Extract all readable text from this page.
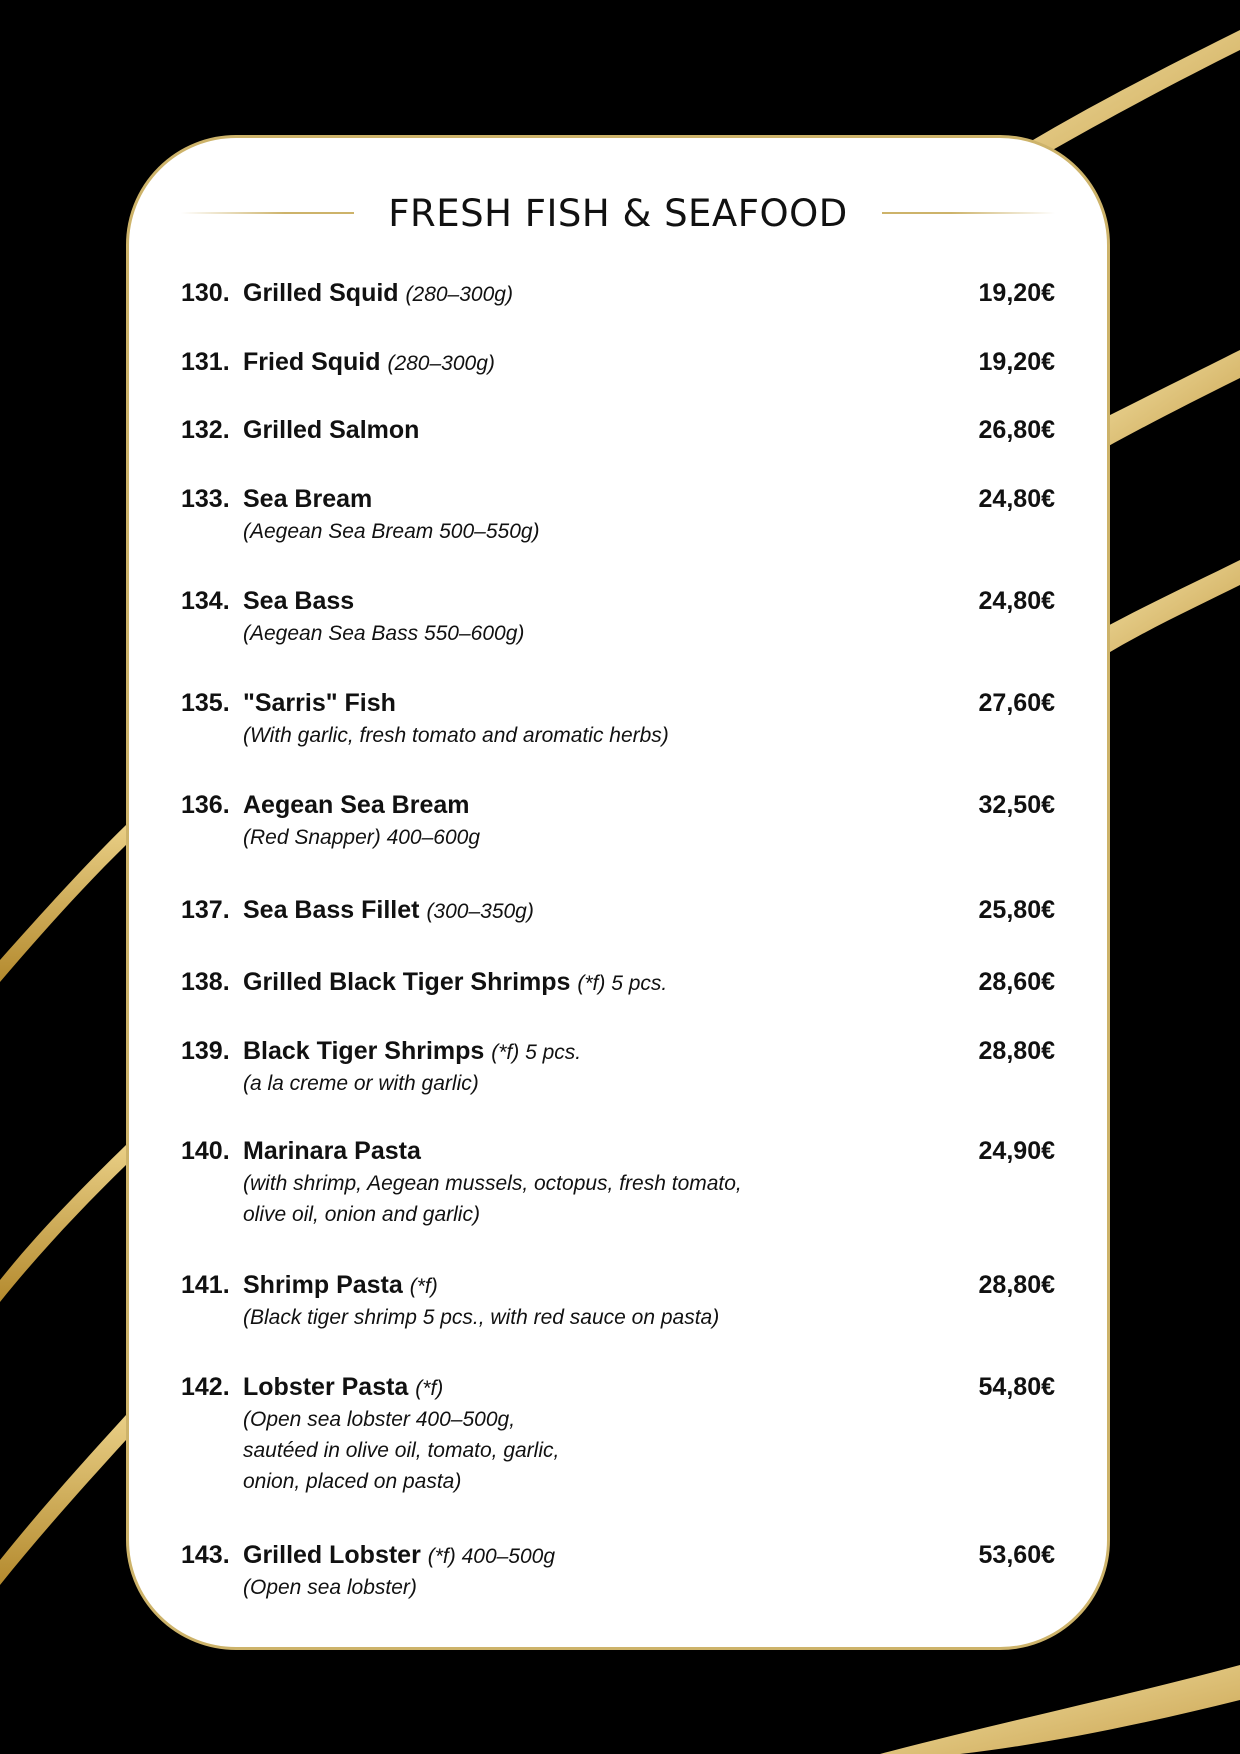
FRESH FISH & SEAFOOD
130. Grilled Squid (280–300g)	19,20€
131. Fried Squid (280–300g)	19,20€
132. Grilled Salmon	26,80€
133. Sea Bream	24,80€
(Aegean Sea Bream 500–550g)
134. Sea Bass	24,80€
(Aegean Sea Bass 550–600g)
135. "Sarris" Fish	27,60€
(With garlic, fresh tomato and aromatic herbs)
136. Aegean Sea Bream	32,50€
(Red Snapper) 400–600g
137. Sea Bass Fillet (300–350g)	25,80€
138. Grilled Black Tiger Shrimps (*f) 5 pcs.	28,60€
139. Black Tiger Shrimps (*f) 5 pcs.	28,80€
(a la creme or with garlic)
140. Marinara Pasta	24,90€
(with shrimp, Aegean mussels, octopus, fresh tomato,
olive oil, onion and garlic)
141. Shrimp Pasta (*f)	28,80€
(Black tiger shrimp 5 pcs., with red sauce on pasta)
142. Lobster Pasta (*f)	54,80€
(Open sea lobster 400–500g,
sautéed in olive oil, tomato, garlic,
onion, placed on pasta)
143. Grilled Lobster (*f) 400–500g	53,60€
(Open sea lobster)
